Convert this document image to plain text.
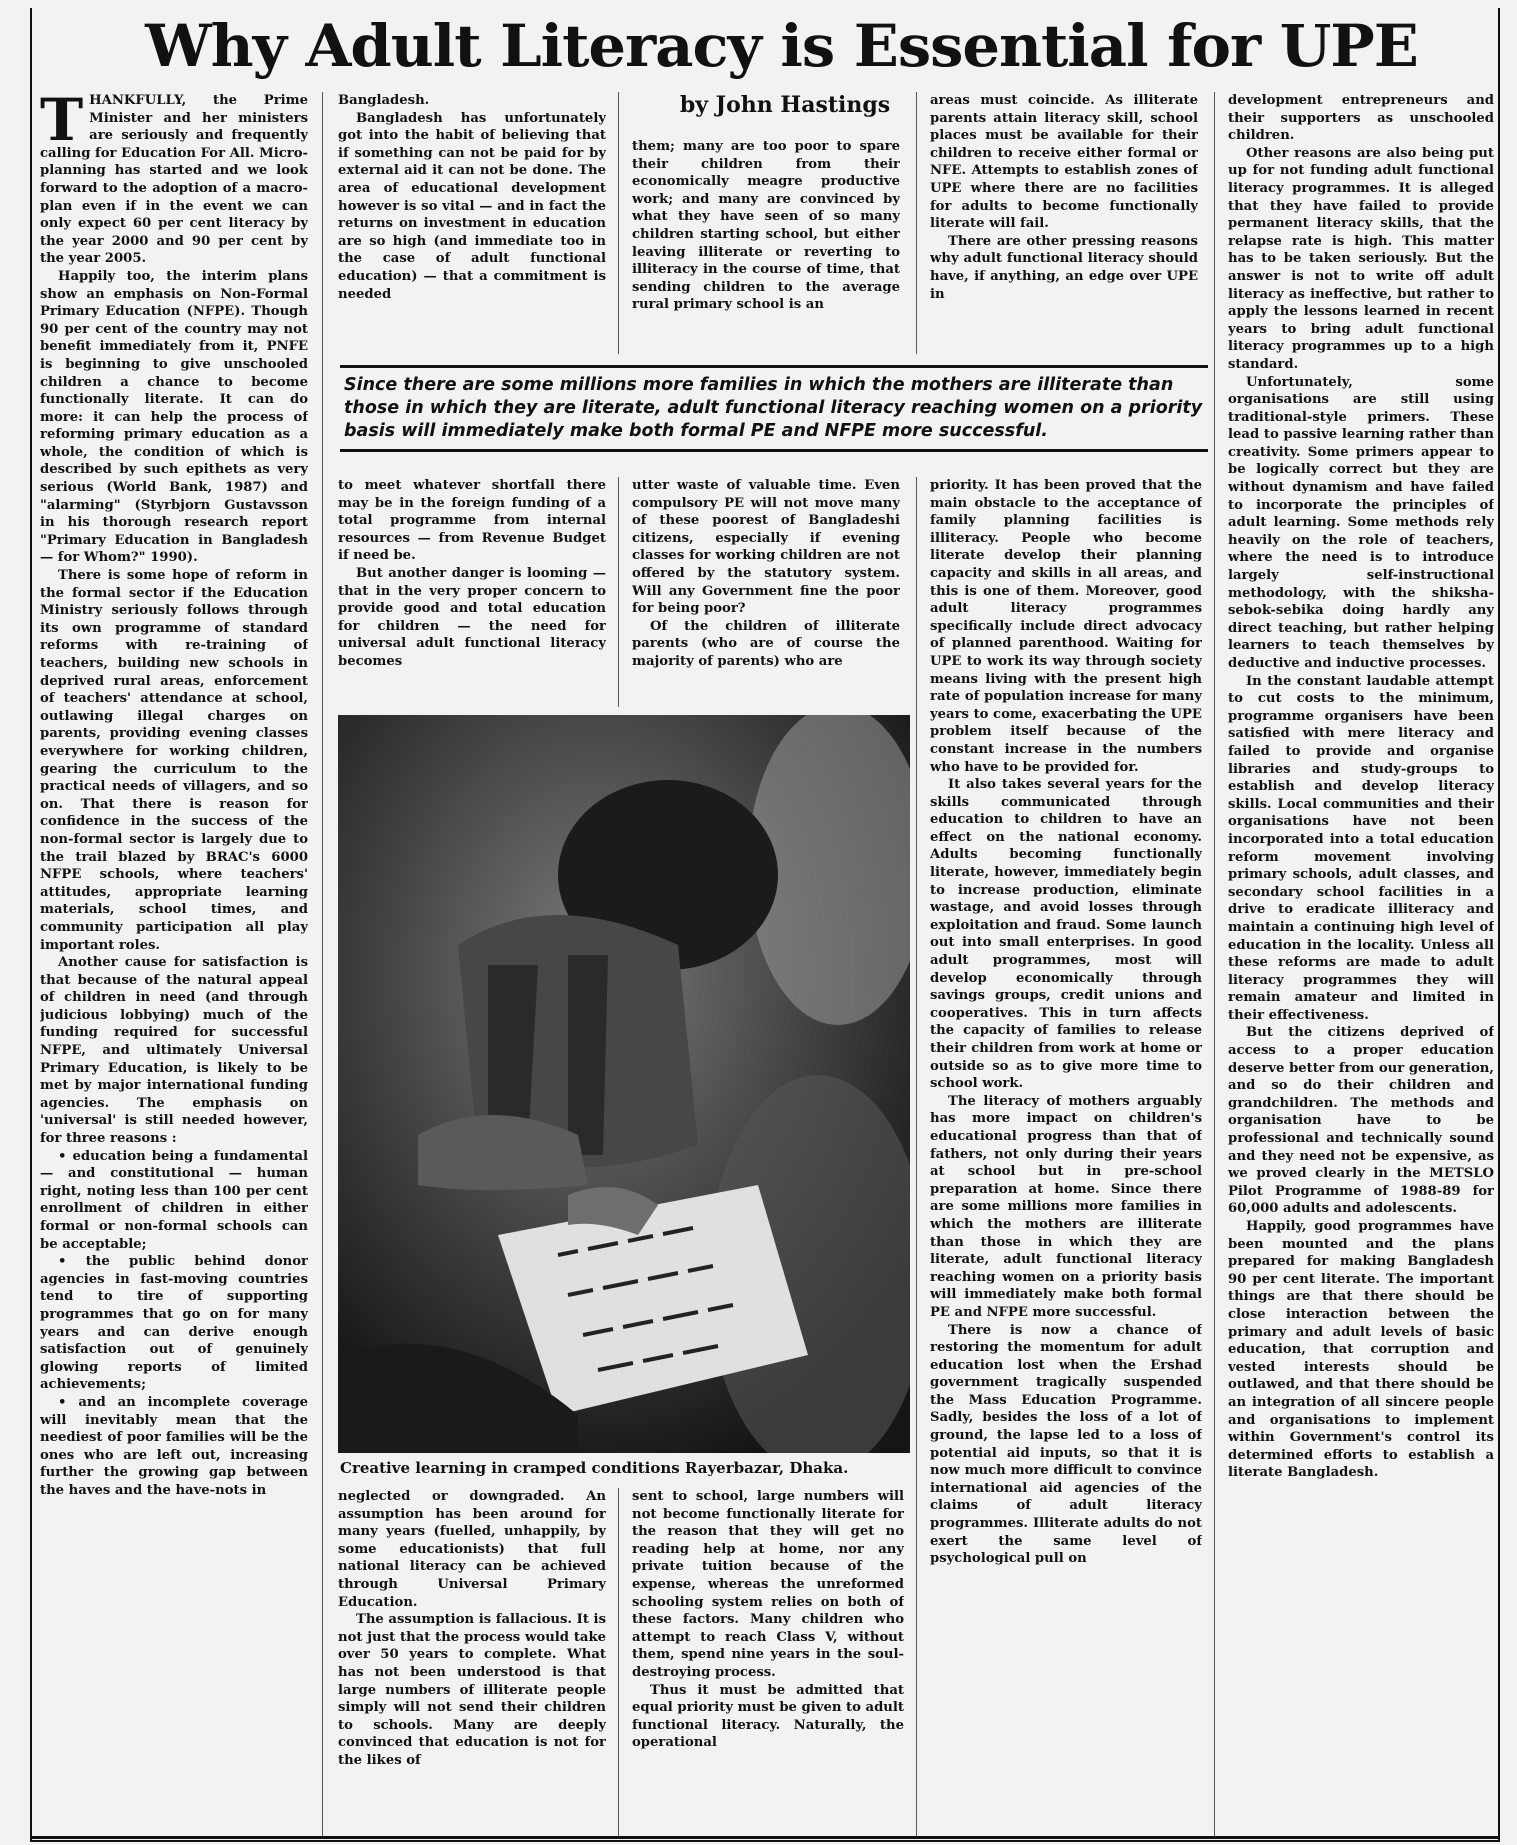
Why Adult Literacy is Essential for UPE
by John Hastings

THANKFULLY, the Prime Minister and her ministers are seriously and frequently calling for Education For All. Micro-planning has started and we look forward to the adoption of a macro-plan even if in the event we can only expect 60 per cent literacy by the year 2000 and 90 per cent by the year 2005.

Happily too, the interim plans show an emphasis on Non-Formal Primary Education (NFPE). Though 90 per cent of the country may not benefit immediately from it, PNFE is beginning to give unschooled children a chance to become functionally literate. It can do more: it can help the process of reforming primary education as a whole, the condition of which is described by such epithets as very serious (World Bank, 1987) and "alarming" (Styrbjorn Gustavsson in his thorough research report "Primary Education in Bangladesh — for Whom?" 1990).

There is some hope of reform in the formal sector if the Education Ministry seriously follows through its own programme of standard reforms with re-training of teachers, building new schools in deprived rural areas, enforcement of teachers' attendance at school, outlawing illegal charges on parents, providing evening classes everywhere for working children, gearing the curriculum to the practical needs of villagers, and so on. That there is reason for confidence in the success of the non-formal sector is largely due to the trail blazed by BRAC's 6000 NFPE schools, where teachers' attitudes, appropriate learning materials, school times, and community participation all play important roles.

Another cause for satisfaction is that because of the natural appeal of children in need (and through judicious lobbying) much of the funding required for successful NFPE, and ultimately Universal Primary Education, is likely to be met by major international funding agencies. The emphasis on 'universal' is still needed however, for three reasons :

• education being a fundamental — and constitutional — human right, noting less than 100 per cent enrollment of children in either formal or non-formal schools can be acceptable;

• the public behind donor agencies in fast-moving countries tend to tire of supporting programmes that go on for many years and can derive enough satisfaction out of genuinely glowing reports of limited achievements;

• and an incomplete coverage will inevitably mean that the neediest of poor families will be the ones who are left out, increasing further the growing gap between the haves and the have-nots in

Bangladesh.

Bangladesh has unfortunately got into the habit of believing that if something can not be paid for by external aid it can not be done. The area of educational development however is so vital — and in fact the returns on investment in education are so high (and immediate too in the case of adult functional education) — that a commitment is needed

them; many are too poor to spare their children from their economically meagre productive work; and many are convinced by what they have seen of so many children starting school, but either leaving illiterate or reverting to illiteracy in the course of time, that sending children to the average rural primary school is an

areas must coincide. As illiterate parents attain literacy skill, school places must be available for their children to receive either formal or NFE. Attempts to establish zones of UPE where there are no facilities for adults to become functionally literate will fail.

There are other pressing reasons why adult functional literacy should have, if anything, an edge over UPE in

Since there are some millions more families in which the mothers are illiterate than those in which they are literate, adult functional literacy reaching women on a priority basis will immediately make both formal PE and NFPE more successful.

to meet whatever shortfall there may be in the foreign funding of a total programme from internal resources — from Revenue Budget if need be.

But another danger is looming — that in the very proper concern to provide good and total education for children — the need for universal adult functional literacy becomes

utter waste of valuable time. Even compulsory PE will not move many of these poorest of Bangladeshi citizens, especially if evening classes for working children are not offered by the statutory system. Will any Government fine the poor for being poor?

Of the children of illiterate parents (who are of course the majority of parents) who are

priority. It has been proved that the main obstacle to the acceptance of family planning facilities is illiteracy. People who become literate develop their planning capacity and skills in all areas, and this is one of them. Moreover, good adult literacy programmes specifically include direct advocacy of planned parenthood. Waiting for UPE to work its way through society means living with the present high rate of population increase for many years to come, exacerbating the UPE problem itself because of the constant increase in the numbers who have to be provided for.

It also takes several years for the skills communicated through education to children to have an effect on the national economy. Adults becoming functionally literate, however, immediately begin to increase production, eliminate wastage, and avoid losses through exploitation and fraud. Some launch out into small enterprises. In good adult programmes, most will develop economically through savings groups, credit unions and cooperatives. This in turn affects the capacity of families to release their children from work at home or outside so as to give more time to school work.

The literacy of mothers arguably has more impact on children's educational progress than that of fathers, not only during their years at school but in pre-school preparation at home. Since there are some millions more families in which the mothers are illiterate than those in which they are literate, adult functional literacy reaching women on a priority basis will immediately make both formal PE and NFPE more successful.

There is now a chance of restoring the momentum for adult education lost when the Ershad government tragically suspended the Mass Education Programme. Sadly, besides the loss of a lot of ground, the lapse led to a loss of potential aid inputs, so that it is now much more difficult to convince international aid agencies of the claims of adult literacy programmes. Illiterate adults do not exert the same level of psychological pull on

development entrepreneurs and their supporters as unschooled children.

Other reasons are also being put up for not funding adult functional literacy programmes. It is alleged that they have failed to provide permanent literacy skills, that the relapse rate is high. This matter has to be taken seriously. But the answer is not to write off adult literacy as ineffective, but rather to apply the lessons learned in recent years to bring adult functional literacy programmes up to a high standard.

Unfortunately, some organisations are still using traditional-style primers. These lead to passive learning rather than creativity. Some primers appear to be logically correct but they are without dynamism and have failed to incorporate the principles of adult learning. Some methods rely heavily on the role of teachers, where the need is to introduce largely self-instructional methodology, with the shiksha-sebok-sebika doing hardly any direct teaching, but rather helping learners to teach themselves by deductive and inductive processes.

In the constant laudable attempt to cut costs to the minimum, programme organisers have been satisfied with mere literacy and failed to provide and organise libraries and study-groups to establish and develop literacy skills. Local communities and their organisations have not been incorporated into a total education reform movement involving primary schools, adult classes, and secondary school facilities in a drive to eradicate illiteracy and maintain a continuing high level of education in the locality. Unless all these reforms are made to adult literacy programmes they will remain amateur and limited in their effectiveness.

But the citizens deprived of access to a proper education deserve better from our generation, and so do their children and grandchildren. The methods and organisation have to be professional and technically sound and they need not be expensive, as we proved clearly in the METSLO Pilot Programme of 1988-89 for 60,000 adults and adolescents.

Happily, good programmes have been mounted and the plans prepared for making Bangladesh 90 per cent literate. The important things are that there should be close interaction between the primary and adult levels of basic education, that corruption and vested interests should be outlawed, and that there should be an integration of all sincere people and organisations to implement within Government's control its determined efforts to establish a literate Bangladesh.

Creative learning in cramped conditions Rayerbazar, Dhaka.

neglected or downgraded. An assumption has been around for many years (fuelled, unhappily, by some educationists) that full national literacy can be achieved through Universal Primary Education.

The assumption is fallacious. It is not just that the process would take over 50 years to complete. What has not been understood is that large numbers of illiterate people simply will not send their children to schools. Many are deeply convinced that education is not for the likes of

sent to school, large numbers will not become functionally literate for the reason that they will get no reading help at home, nor any private tuition because of the expense, whereas the unreformed schooling system relies on both of these factors. Many children who attempt to reach Class V, without them, spend nine years in the soul-destroying process.

Thus it must be admitted that equal priority must be given to adult functional literacy. Naturally, the operational
